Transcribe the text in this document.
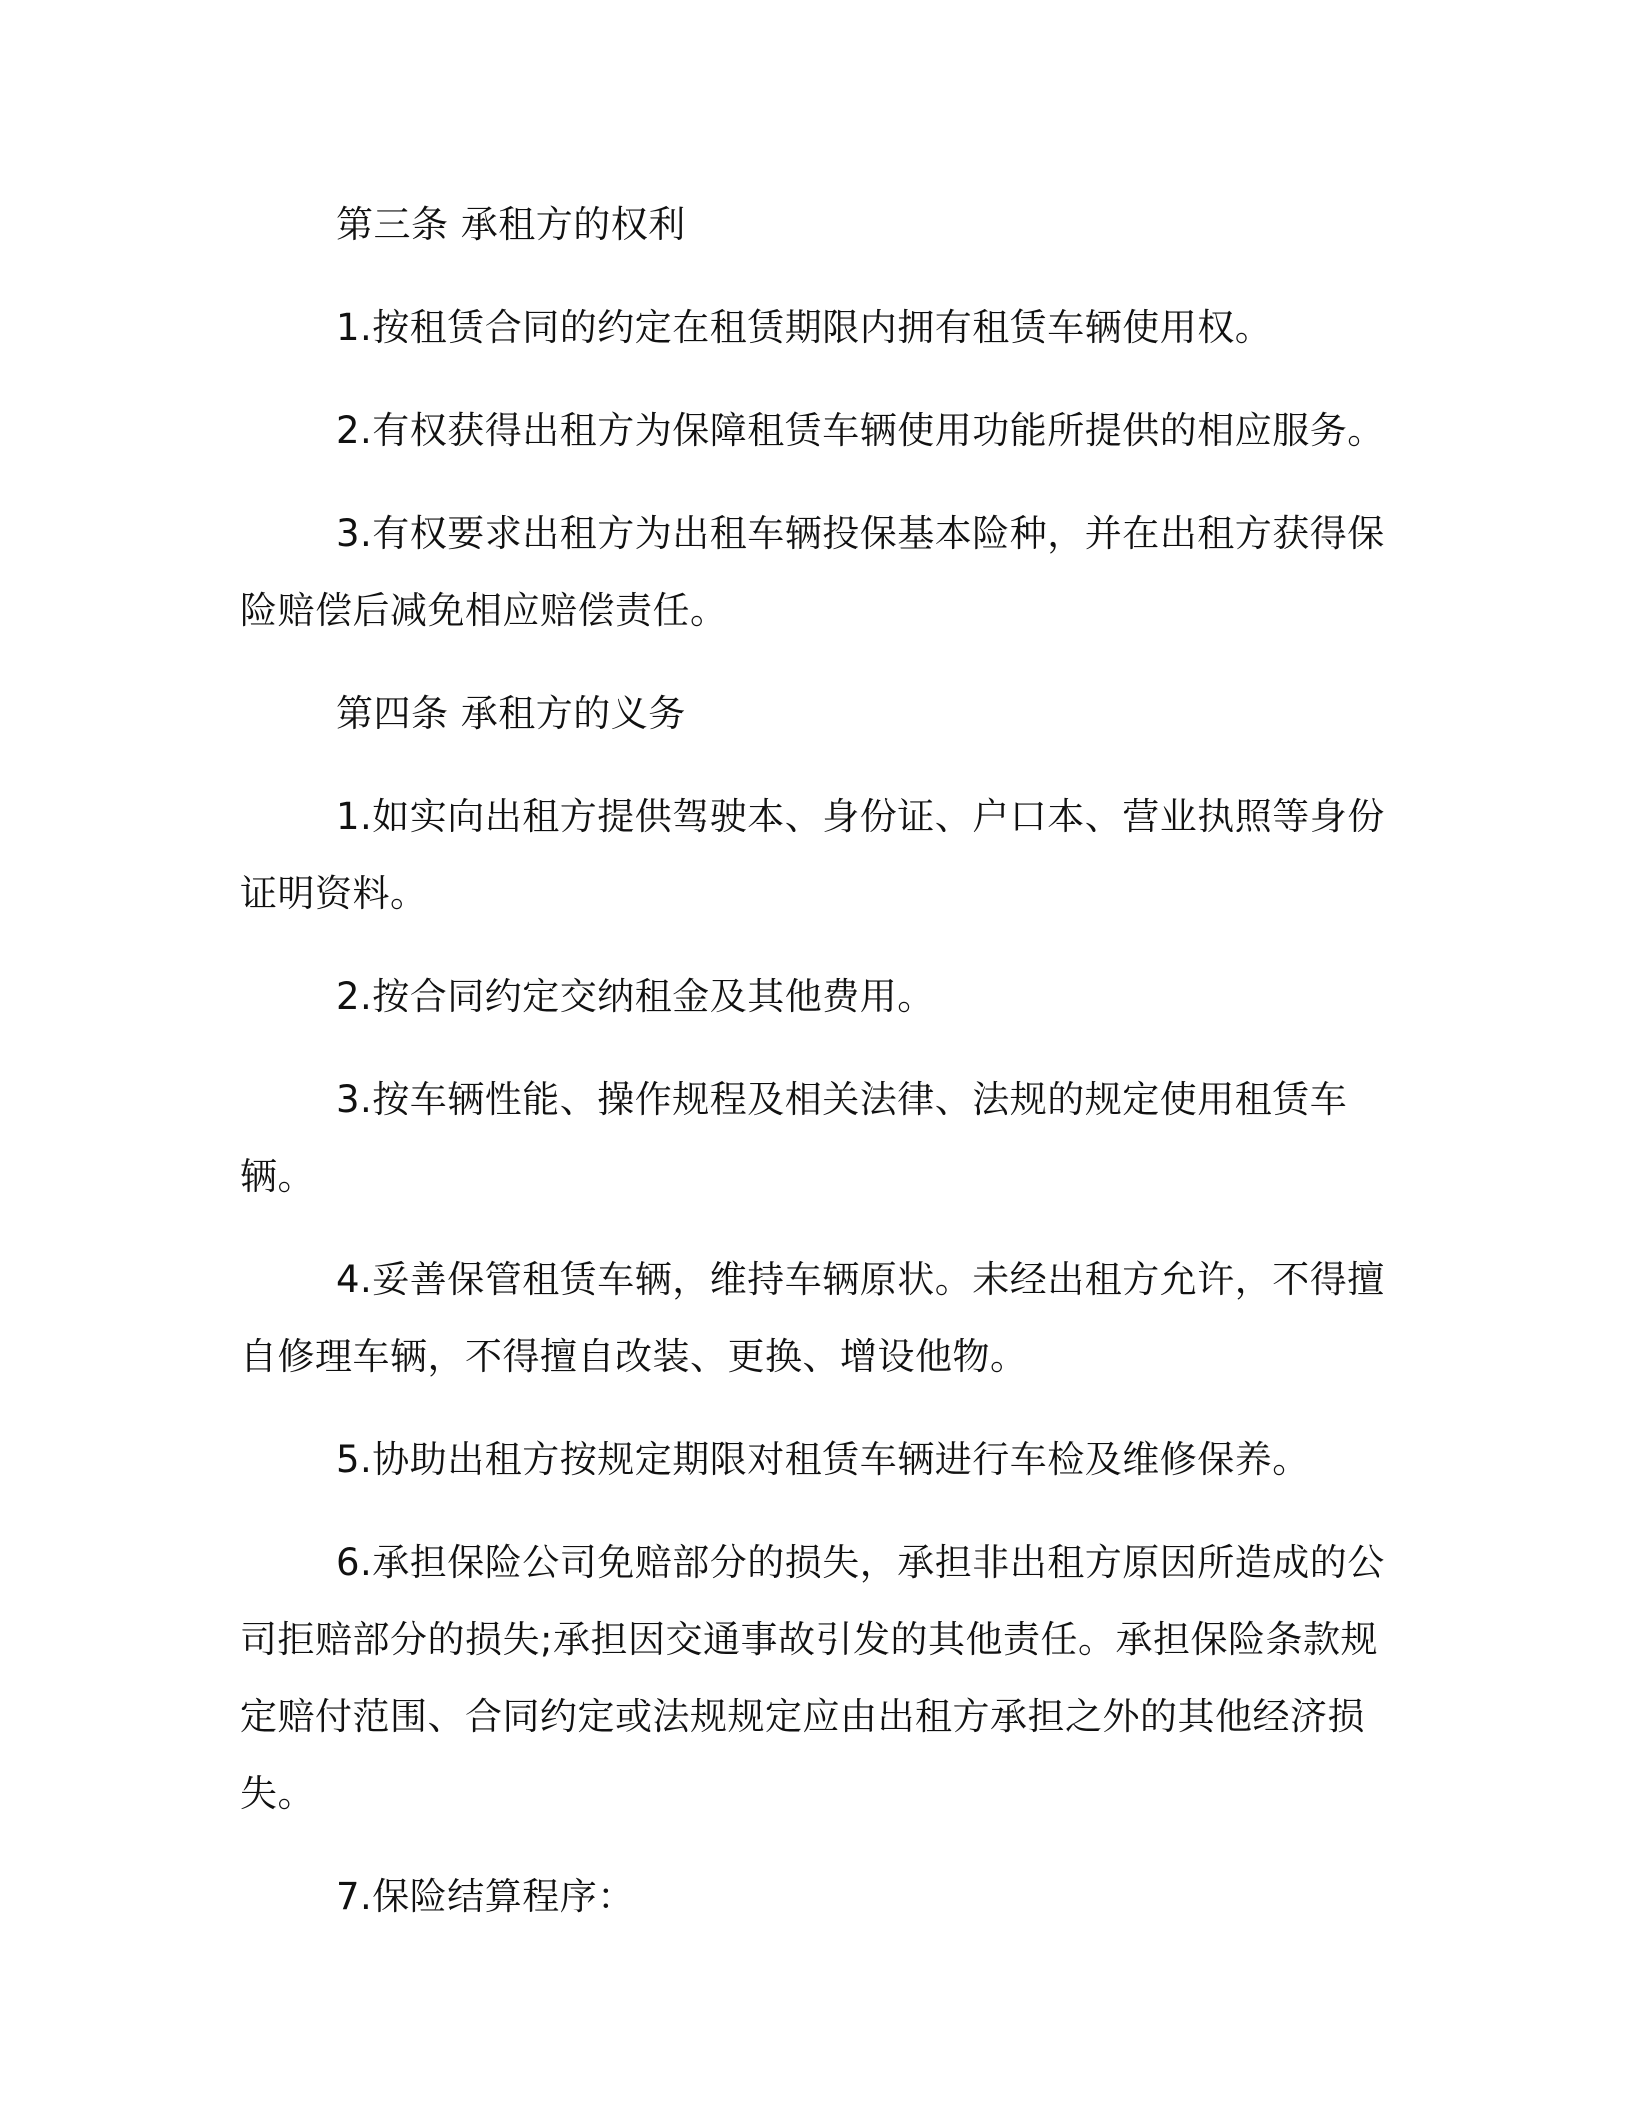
第三条 承租方的权利

1.按租赁合同的约定在租赁期限内拥有租赁车辆使用权。

2.有权获得出租方为保障租赁车辆使用功能所提供的相应服务。

3.有权要求出租方为出租车辆投保基本险种，并在出租方获得保险赔偿后减免相应赔偿责任。

第四条 承租方的义务

1.如实向出租方提供驾驶本、身份证、户口本、营业执照等身份证明资料。

2.按合同约定交纳租金及其他费用。

3.按车辆性能、操作规程及相关法律、法规的规定使用租赁车辆。

4.妥善保管租赁车辆，维持车辆原状。未经出租方允许，不得擅自修理车辆，不得擅自改装、更换、增设他物。

5.协助出租方按规定期限对租赁车辆进行车检及维修保养。

6.承担保险公司免赔部分的损失，承担非出租方原因所造成的公司拒赔部分的损失;承担因交通事故引发的其他责任。承担保险条款规定赔付范围、合同约定或法规规定应由出租方承担之外的其他经济损失。

7.保险结算程序：
